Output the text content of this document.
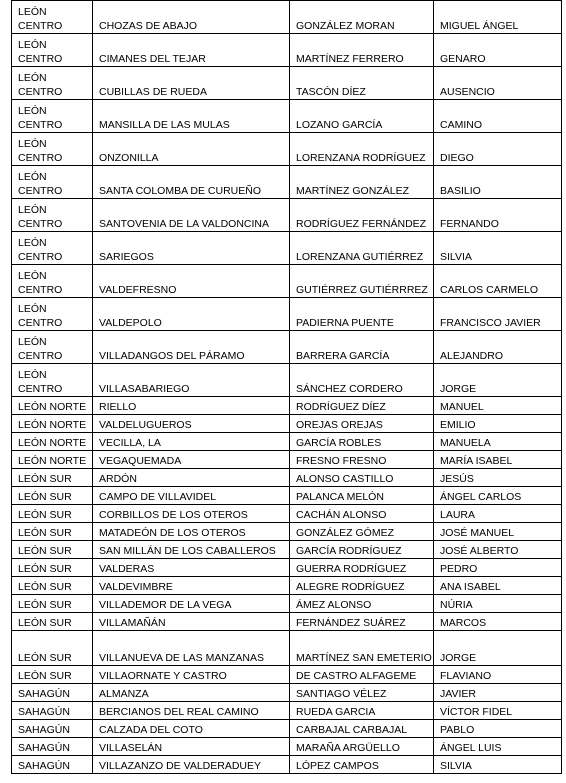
LEÓN CENTRO	CHOZAS DE ABAJO	GONZÁLEZ MORAN	MIGUEL ÁNGEL
LEÓN CENTRO	CIMANES DEL TEJAR	MARTÍNEZ FERRERO	GENARO
LEÓN CENTRO	CUBILLAS DE RUEDA	TASCÓN DÍEZ	AUSENCIO
LEÓN CENTRO	MANSILLA DE LAS MULAS	LOZANO GARCÍA	CAMINO
LEÓN CENTRO	ONZONILLA	LORENZANA RODRÍGUEZ	DIEGO
LEÓN CENTRO	SANTA COLOMBA DE CURUEÑO	MARTÍNEZ GONZÁLEZ	BASILIO
LEÓN CENTRO	SANTOVENIA DE LA VALDONCINA	RODRÍGUEZ FERNÁNDEZ	FERNANDO
LEÓN CENTRO	SARIEGOS	LORENZANA GUTIÉRREZ	SILVIA
LEÓN CENTRO	VALDEFRESNO	GUTIÉRREZ GUTIÉRRREZ	CARLOS CARMELO
LEÓN CENTRO	VALDEPOLO	PADIERNA PUENTE	FRANCISCO JAVIER
LEÓN CENTRO	VILLADANGOS DEL PÁRAMO	BARRERA GARCÍA	ALEJANDRO
LEÓN CENTRO	VILLASABARIEGO	SÁNCHEZ CORDERO	JORGE
LEÓN NORTE	RIELLO	RODRÍGUEZ DÍEZ	MANUEL
LEÓN NORTE	VALDELUGUEROS	OREJAS OREJAS	EMILIO
LEÓN NORTE	VECILLA, LA	GARCÍA ROBLES	MANUELA
LEÓN NORTE	VEGAQUEMADA	FRESNO FRESNO	MARÍA ISABEL
LEÓN SUR	ARDÓN	ALONSO CASTILLO	JESÚS
LEÓN SUR	CAMPO DE VILLAVIDEL	PALANCA MELÓN	ÁNGEL CARLOS
LEÓN SUR	CORBILLOS DE LOS OTEROS	CACHÁN ALONSO	LAURA
LEÓN SUR	MATADEÓN DE LOS OTEROS	GONZÁLEZ GÓMEZ	JOSÉ MANUEL
LEÓN SUR	SAN MILLÁN DE LOS CABALLEROS	GARCÍA RODRÍGUEZ	JOSÉ ALBERTO
LEÓN SUR	VALDERAS	GUERRA RODRÍGUEZ	PEDRO
LEÓN SUR	VALDEVIMBRE	ALEGRE RODRÍGUEZ	ANA ISABEL
LEÓN SUR	VILLADEMOR DE LA VEGA	ÁMEZ ALONSO	NÚRIA
LEÓN SUR	VILLAMAÑÁN	FERNÁNDEZ SUÁREZ	MARCOS
LEÓN SUR	VILLANUEVA DE LAS MANZANAS	MARTÍNEZ SAN EMETERIO	JORGE
LEÓN SUR	VILLAORNATE Y CASTRO	DE CASTRO ALFAGEME	FLAVIANO
SAHAGÚN	ALMANZA	SANTIAGO VÉLEZ	JAVIER
SAHAGÚN	BERCIANOS DEL REAL CAMINO	RUEDA GARCIA	VÍCTOR FIDEL
SAHAGÚN	CALZADA DEL COTO	CARBAJAL CARBAJAL	PABLO
SAHAGÚN	VILLASELÁN	MARAÑA ARGÜELLO	ÁNGEL LUIS
SAHAGÚN	VILLAZANZO DE VALDERADUEY	LÓPEZ CAMPOS	SILVIA
